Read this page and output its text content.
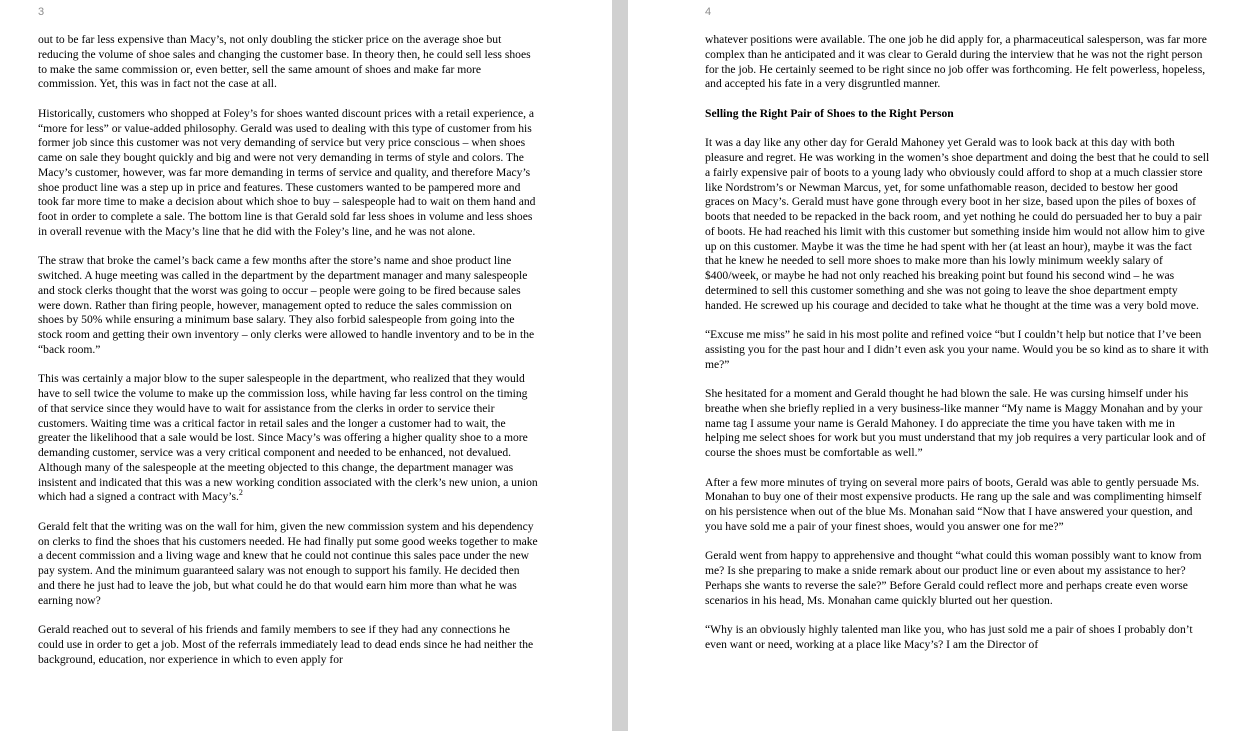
3

out to be far less expensive than Macy’s, not only doubling the sticker price on the average shoe but reducing the volume of shoe sales and changing the customer base. In theory then, he could sell less shoes to make the same commission or, even better, sell the same amount of shoes and make far more commission. Yet, this was in fact not the case at all.

Historically, customers who shopped at Foley’s for shoes wanted discount prices with a retail experience, a “more for less” or value-added philosophy. Gerald was used to dealing with this type of customer from his former job since this customer was not very demanding of service but very price conscious – when shoes came on sale they bought quickly and big and were not very demanding in terms of style and colors. The Macy’s customer, however, was far more demanding in terms of service and quality, and therefore Macy’s shoe product line was a step up in price and features. These customers wanted to be pampered more and took far more time to make a decision about which shoe to buy – salespeople had to wait on them hand and foot in order to complete a sale. The bottom line is that Gerald sold far less shoes in volume and less shoes in overall revenue with the Macy’s line that he did with the Foley’s line, and he was not alone.

The straw that broke the camel’s back came a few months after the store’s name and shoe product line switched. A huge meeting was called in the department by the department manager and many salespeople and stock clerks thought that the worst was going to occur – people were going to be fired because sales were down. Rather than firing people, however, management opted to reduce the sales commission on shoes by 50% while ensuring a minimum base salary. They also forbid salespeople from going into the stock room and getting their own inventory – only clerks were allowed to handle inventory and to be in the “back room.”

This was certainly a major blow to the super salespeople in the department, who realized that they would have to sell twice the volume to make up the commission loss, while having far less control on the timing of that service since they would have to wait for assistance from the clerks in order to service their customers. Waiting time was a critical factor in retail sales and the longer a customer had to wait, the greater the likelihood that a sale would be lost. Since Macy’s was offering a higher quality shoe to a more demanding customer, service was a very critical component and needed to be enhanced, not devalued. Although many of the salespeople at the meeting objected to this change, the department manager was insistent and indicated that this was a new working condition associated with the clerk’s new union, a union which had a signed a contract with Macy’s.$^2$

Gerald felt that the writing was on the wall for him, given the new commission system and his dependency on clerks to find the shoes that his customers needed. He had finally put some good weeks together to make a decent commission and a living wage and knew that he could not continue this sales pace under the new pay system. And the minimum guaranteed salary was not enough to support his family. He decided then and there he just had to leave the job, but what could he do that would earn him more than what he was earning now?

Gerald reached out to several of his friends and family members to see if they had any connections he could use in order to get a job. Most of the referrals immediately lead to dead ends since he had neither the background, education, nor experience in which to even apply for

4

whatever positions were available. The one job he did apply for, a pharmaceutical salesperson, was far more complex than he anticipated and it was clear to Gerald during the interview that he was not the right person for the job. He certainly seemed to be right since no job offer was forthcoming. He felt powerless, hopeless, and accepted his fate in a very disgruntled manner.

Selling the Right Pair of Shoes to the Right Person

It was a day like any other day for Gerald Mahoney yet Gerald was to look back at this day with both pleasure and regret. He was working in the women’s shoe department and doing the best that he could to sell a fairly expensive pair of boots to a young lady who obviously could afford to shop at a much classier store like Nordstrom’s or Newman Marcus, yet, for some unfathomable reason, decided to bestow her good graces on Macy’s. Gerald must have gone through every boot in her size, based upon the piles of boxes of boots that needed to be repacked in the back room, and yet nothing he could do persuaded her to buy a pair of boots. He had reached his limit with this customer but something inside him would not allow him to give up on this customer. Maybe it was the time he had spent with her (at least an hour), maybe it was the fact that he knew he needed to sell more shoes to make more than his lowly minimum weekly salary of $400/week, or maybe he had not only reached his breaking point but found his second wind – he was determined to sell this customer something and she was not going to leave the shoe department empty handed. He screwed up his courage and decided to take what he thought at the time was a very bold move.

“Excuse me miss” he said in his most polite and refined voice “but I couldn’t help but notice that I’ve been assisting you for the past hour and I didn’t even ask you your name. Would you be so kind as to share it with me?”

She hesitated for a moment and Gerald thought he had blown the sale. He was cursing himself under his breathe when she briefly replied in a very business-like manner “My name is Maggy Monahan and by your name tag I assume your name is Gerald Mahoney. I do appreciate the time you have taken with me in helping me select shoes for work but you must understand that my job requires a very particular look and of course the shoes must be comfortable as well.”

After a few more minutes of trying on several more pairs of boots, Gerald was able to gently persuade Ms. Monahan to buy one of their most expensive products. He rang up the sale and was complimenting himself on his persistence when out of the blue Ms. Monahan said “Now that I have answered your question, and you have sold me a pair of your finest shoes, would you answer one for me?”

Gerald went from happy to apprehensive and thought “what could this woman possibly want to know from me? Is she preparing to make a snide remark about our product line or even about my assistance to her? Perhaps she wants to reverse the sale?” Before Gerald could reflect more and perhaps create even worse scenarios in his head, Ms. Monahan came quickly blurted out her question.

“Why is an obviously highly talented man like you, who has just sold me a pair of shoes I probably don’t even want or need, working at a place like Macy’s? I am the Director of
